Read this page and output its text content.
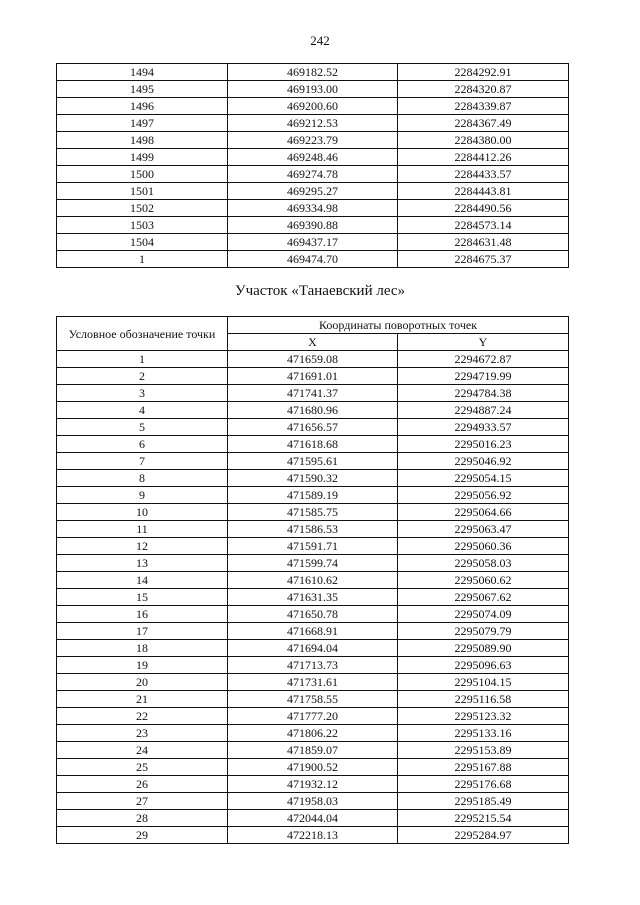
242
1494	469182.52	2284292.91
1495	469193.00	2284320.87
1496	469200.60	2284339.87
1497	469212.53	2284367.49
1498	469223.79	2284380.00
1499	469248.46	2284412.26
1500	469274.78	2284433.57
1501	469295.27	2284443.81
1502	469334.98	2284490.56
1503	469390.88	2284573.14
1504	469437.17	2284631.48
1	469474.70	2284675.37
Участок «Танаевский лес»
Условное обозначение точки	Координаты поворотных точек	
	X	Y
1	471659.08	2294672.87
2	471691.01	2294719.99
3	471741.37	2294784.38
4	471680.96	2294887.24
5	471656.57	2294933.57
6	471618.68	2295016.23
7	471595.61	2295046.92
8	471590.32	2295054.15
9	471589.19	2295056.92
10	471585.75	2295064.66
11	471586.53	2295063.47
12	471591.71	2295060.36
13	471599.74	2295058.03
14	471610.62	2295060.62
15	471631.35	2295067.62
16	471650.78	2295074.09
17	471668.91	2295079.79
18	471694.04	2295089.90
19	471713.73	2295096.63
20	471731.61	2295104.15
21	471758.55	2295116.58
22	471777.20	2295123.32
23	471806.22	2295133.16
24	471859.07	2295153.89
25	471900.52	2295167.88
26	471932.12	2295176.68
27	471958.03	2295185.49
28	472044.04	2295215.54
29	472218.13	2295284.97
